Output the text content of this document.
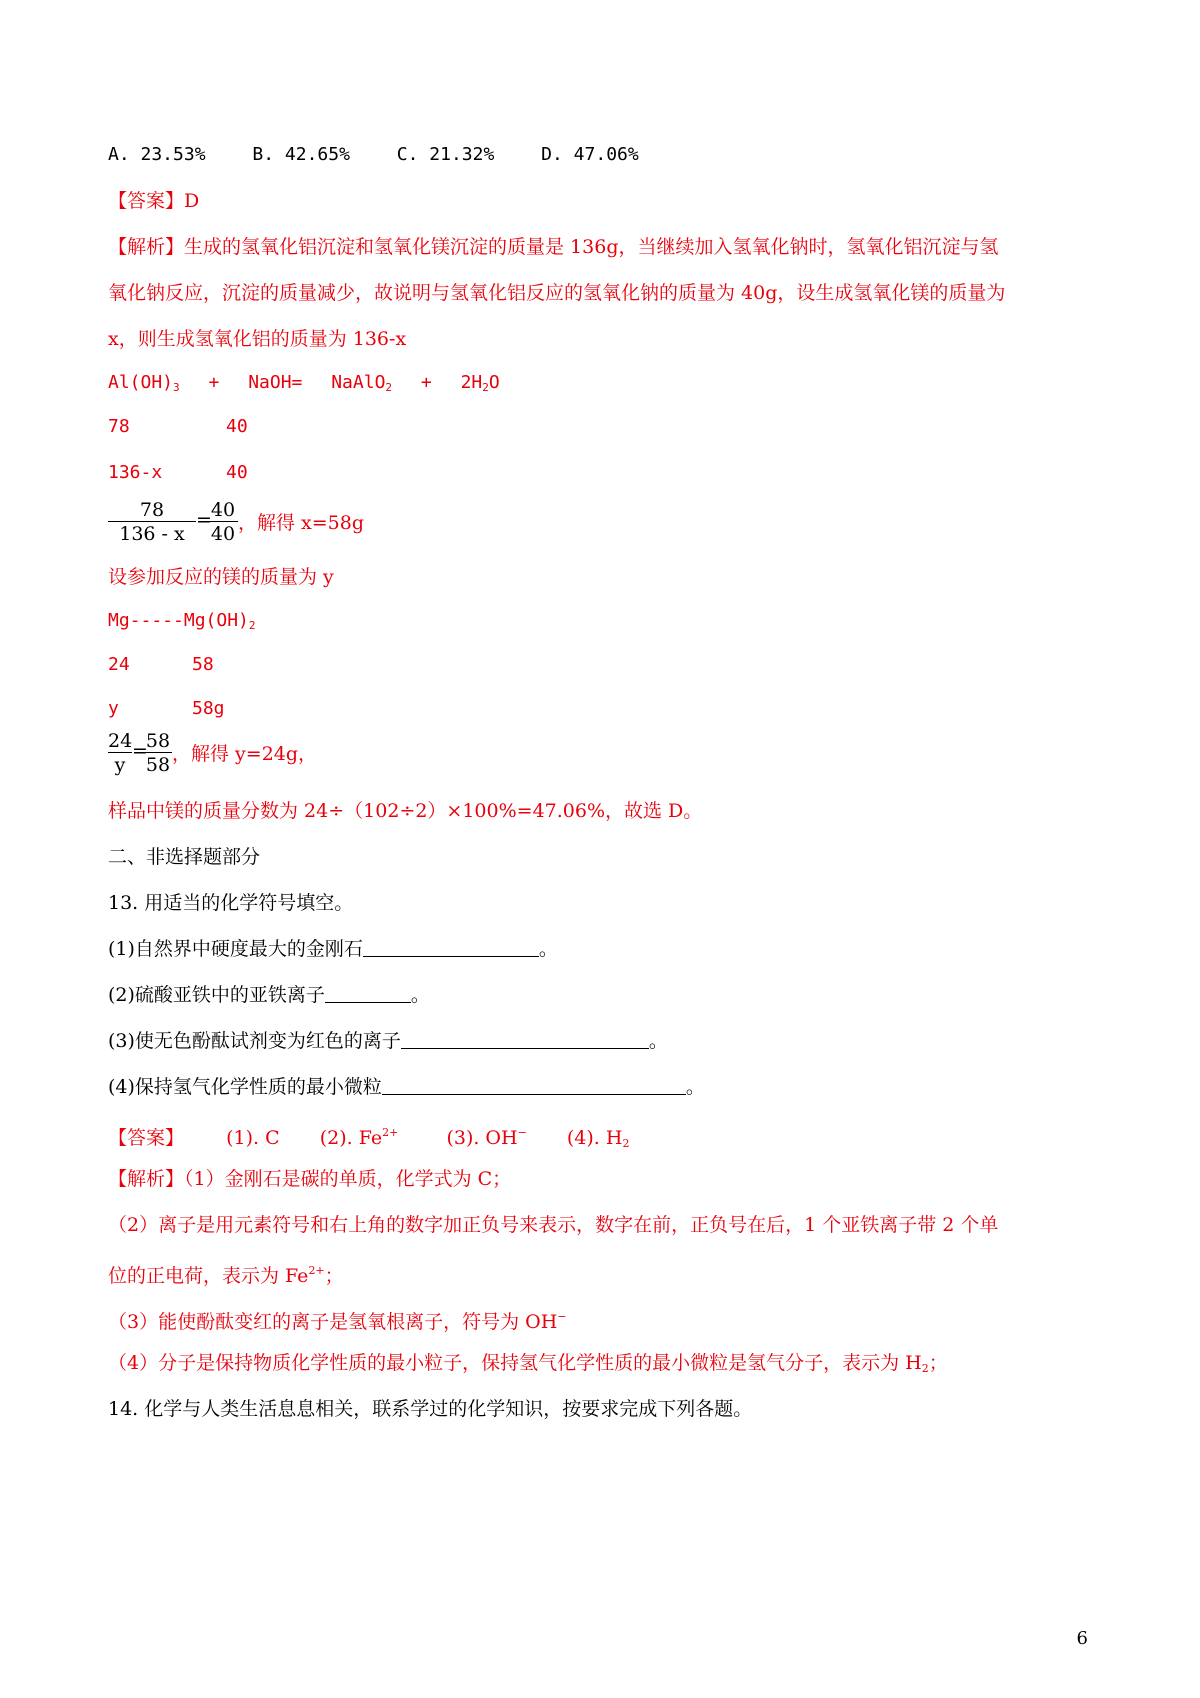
A. 23.53%	B. 42.65%	C. 21.32%	D. 47.06%
【答案】D
【解析】生成的氢氧化铝沉淀和氢氧化镁沉淀的质量是 136g，当继续加入氢氧化钠时，氢氧化铝沉淀与氢
氧化钠反应，沉淀的质量减少，故说明与氢氧化铝反应的氢氧化钠的质量为 40g，设生成氢氧化镁的质量为
x，则生成氢氧化铝的质量为 136-x
$Al(OH)_3$ + NaOH= NaAlO$_2$ + $2H_2O$
78	40
136-x	40
78
136 - x
=
40
40 ，解得 x=58g
设参加反应的镁的质量为 y
$Mg-----Mg(OH)_2$
24	58
y	58g
24
y
=
58
58 ，解得 y=24g，
样品中镁的质量分数为 24÷（102÷2）×100%=47.06%，故选 D。
二、非选择题部分
13. 用适当的化学符号填空。
(1)自然界中硬度最大的金刚石	。
(2)硫酸亚铁中的亚铁离子	。
(3)使无色酚酞试剂变为红色的离子	。
(4)保持氢气化学性质的最小微粒	。
【答案】 (1). C (2). $Fe^{2+}$	(3). OH− (4). $H_2$
【解析】（1）金刚石是碳的单质，化学式为 C；
（2）离子是用元素符号和右上角的数字加正负号来表示，数字在前，正负号在后，1 个亚铁离子带 2 个单
位的正电荷，表示为 $Fe^{2+}$；
（3）能使酚酞变红的离子是氢氧根离子，符号为 OH−
（4）分子是保持物质化学性质的最小粒子，保持氢气化学性质的最小微粒是氢气分子，表示为 $H_2$；
14. 化学与人类生活息息相关，联系学过的化学知识，按要求完成下列各题。
6
